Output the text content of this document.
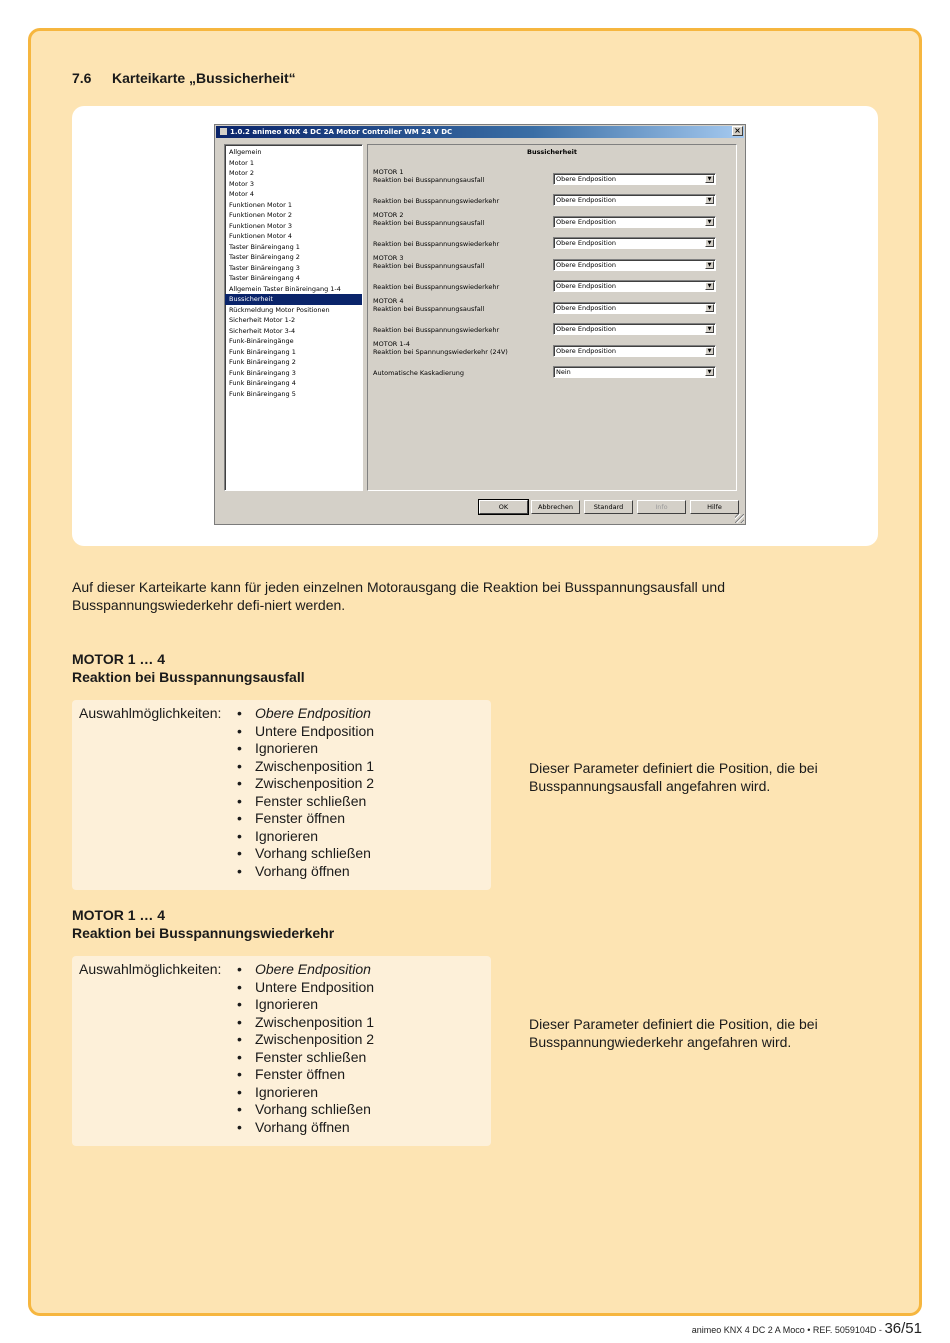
7.6 Karteikarte „Bussicherheit“
1.0.2 animeo KNX 4 DC 2A Motor Controller WM 24 V DC	×
Allgemein
Motor 1
Motor 2
Motor 3
Motor 4
Funktionen Motor 1
Funktionen Motor 2
Funktionen Motor 3
Funktionen Motor 4
Taster Binäreingang 1
Taster Binäreingang 2
Taster Binäreingang 3
Taster Binäreingang 4
Allgemein Taster Binäreingang 1-4
Bussicherheit
Rückmeldung Motor Positionen
Sicherheit Motor 1-2
Sicherheit Motor 3-4
Funk-Binäreingänge
Funk Binäreingang 1
Funk Binäreingang 2
Funk Binäreingang 3
Funk Binäreingang 4
Funk Binäreingang 5
Bussicherheit
MOTOR 1
Reaktion bei Busspannungsausfall	Obere Endposition	▼
Reaktion bei Busspannungswiederkehr	Obere Endposition	▼
MOTOR 2
Reaktion bei Busspannungsausfall	Obere Endposition	▼
Reaktion bei Busspannungswiederkehr	Obere Endposition	▼
MOTOR 3
Reaktion bei Busspannungsausfall	Obere Endposition	▼
Reaktion bei Busspannungswiederkehr	Obere Endposition	▼
MOTOR 4
Reaktion bei Busspannungsausfall	Obere Endposition	▼
Reaktion bei Busspannungswiederkehr	Obere Endposition	▼
MOTOR 1-4
Reaktion bei Spannungswiederkehr (24V)	Obere Endposition	▼
Automatische Kaskadierung	Nein	▼
OK	Abbrechen	Standard	Info	Hilfe
Auf dieser Karteikarte kann für jeden einzelnen Motorausgang die Reaktion bei Busspannungsausfall und Busspannungswiederkehr defi-niert werden.
MOTOR 1 … 4
Reaktion bei Busspannungsausfall
Auswahlmöglichkeiten: • Obere Endposition
• Untere Endposition
• Ignorieren
• Zwischenposition 1
• Zwischenposition 2
• Fenster schließen
• Fenster öffnen
• Ignorieren
• Vorhang schließen
• Vorhang öffnen
Dieser Parameter definiert die Position, die bei Busspannungsausfall angefahren wird.
MOTOR 1 … 4
Reaktion bei Busspannungswiederkehr
Auswahlmöglichkeiten: • Obere Endposition
• Untere Endposition
• Ignorieren
• Zwischenposition 1
• Zwischenposition 2
• Fenster schließen
• Fenster öffnen
• Ignorieren
• Vorhang schließen
• Vorhang öffnen
Dieser Parameter definiert die Position, die bei Busspannungwiederkehr angefahren wird.
animeo KNX 4 DC 2 A Moco • REF. 5059104D - 36/51
